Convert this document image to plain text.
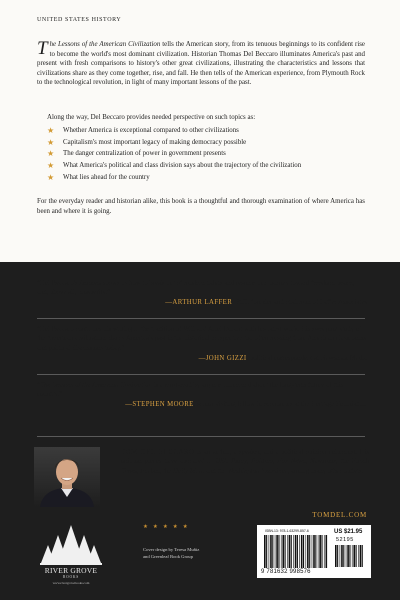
UNITED STATES HISTORY

The Lessons of the American Civilization tells the American story, from its tenuous beginnings to its confident rise to become the world's most dominant civilization. Historian Thomas Del Beccaro illuminates America's past and present with fresh comparisons to history's other great civilizations, illustrating the characteristics and lessons that civilizations share as they come together, rise, and fall. He then tells of the American experience, from Plymouth Rock to the technological revolution, in light of many important lessons of the past.

Along the way, Del Beccaro provides needed perspective on such topics as:

★ Whether America is exceptional compared to other civilizations
★ Capitalism's most important legacy of making democracy possible
★ The danger centralization of power in government presents
★ What America's political and class division says about the trajectory of the civilization
★ What lies ahead for the country

For the everyday reader and historian alike, this book is a thoughtful and thorough examination of where America has been and where it is going.

“Del Beccaro's Lessons shows us how to break out of modern habits and resume our journey toward freedom, peace, and, above all, prosperity.”

—ARTHUR LAFFER, PhD, founder and chairman of Laffer Associates

“Del Beccaro continues his writing in the tradition of Will and Ariel Durant with his latest work. His sweeping study of the American civilization places America's past in the historical perspective too often missing from American classrooms and political discussions today.”

—JOHN GIZZI, political correspondent at Newsmax Media

“The Lessons of the American Civilization is a must-read by anyone concerned about the long-term future of this country.”

—STEPHEN MOORE, senior visiting fellow in economics at the Heritage Foundation

TOM DEL BECCARO is an author, a speaker, and a political opinion columnist. His opinion pieces have appeared in USA Today, Politico, Fox News, Newsmax, the Epoch Times, Forbes, the Daily Mail, and the Washington Examiner, among many other outlets.

TOMDEL.COM
RIVER GROVE
BOOKS
www.rivergrovebooks.com
★★★★★

Cover design by Teresa Muñiz
and Greenleaf Book Group

ISBN-13: 978-1-63299-857-6	US $21.95
52195
9 781632 998576
